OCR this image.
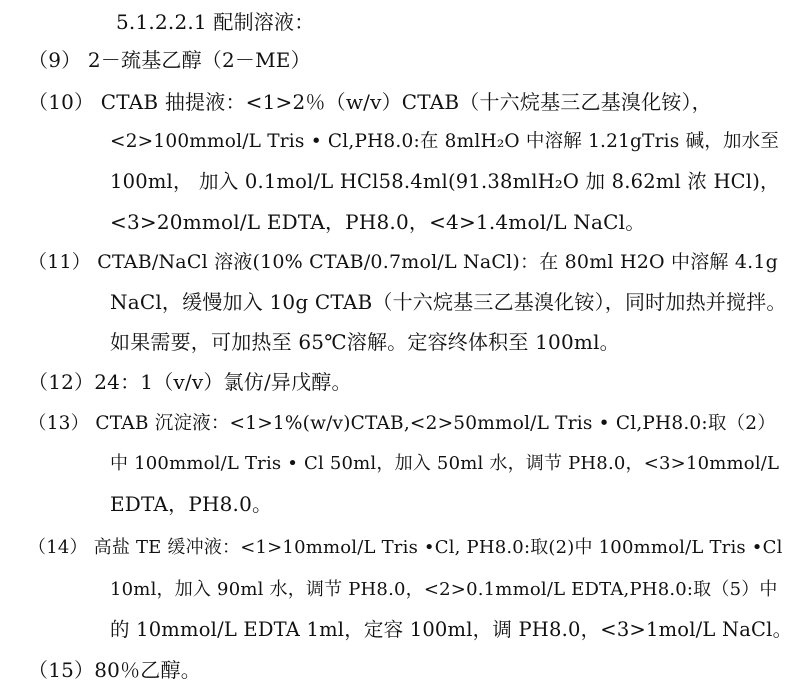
5.1.2.2.1 配制溶液：
（9） 2－巯基乙醇（2－ME）
（10） CTAB 抽提液：<1>2％（w/v）CTAB（十六烷基三乙基溴化铵），
<2>100mmol/L Tris • Cl,PH8.0:在 8mlH₂O 中溶解 1.21gTris 碱，加水至
100ml， 加入 0.1mol/L HCl58.4ml(91.38mlH₂O 加 8.62ml 浓 HCl)，
<3>20mmol/L EDTA，PH8.0，<4>1.4mol/L NaCl。
（11） CTAB/NaCl 溶液(10% CTAB/0.7mol/L NaCl)：在 80ml H2O 中溶解 4.1g
NaCl，缓慢加入 10g CTAB（十六烷基三乙基溴化铵），同时加热并搅拌。
如果需要，可加热至 65℃溶解。定容终体积至 100ml。
（12）24：1（v/v）氯仿/异戊醇。
（13） CTAB 沉淀液：<1>1%(w/v)CTAB,<2>50mmol/L Tris • Cl,PH8.0:取（2）
中 100mmol/L Tris • Cl 50ml，加入 50ml 水，调节 PH8.0，<3>10mmol/L
EDTA，PH8.0。
（14） 高盐 TE 缓冲液：<1>10mmol/L Tris •Cl, PH8.0:取(2)中 100mmol/L Tris •Cl
10ml，加入 90ml 水，调节 PH8.0，<2>0.1mmol/L EDTA,PH8.0:取（5）中
的 10mmol/L EDTA 1ml，定容 100ml，调 PH8.0，<3>1mol/L NaCl。
（15）80％乙醇。
